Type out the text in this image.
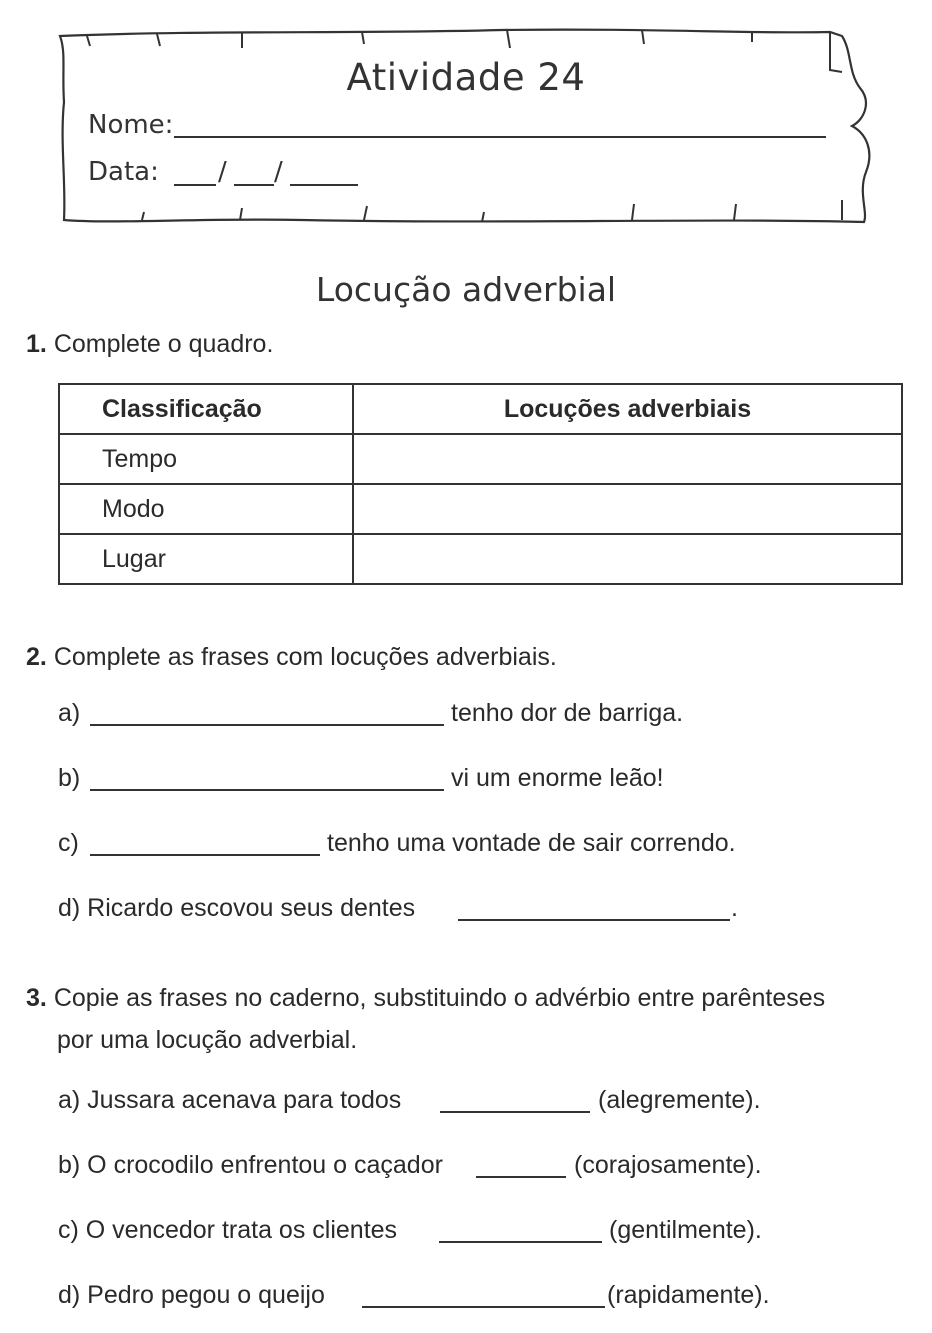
Atividade 24
Nome:
Data: / /
Locução adverbial
1. Complete o quadro.
Classificação	Locuções adverbiais
Tempo	
Modo	
Lugar	
2. Complete as frases com locuções adverbiais.
a)	tenho dor de barriga.
b)	vi um enorme leão!
c)	tenho uma vontade de sair correndo.
d) Ricardo escovou seus dentes	.
3. Copie as frases no caderno, substituindo o advérbio entre parênteses
por uma locução adverbial.
a) Jussara acenava para todos	(alegremente).
b) O crocodilo enfrentou o caçador	(corajosamente).
c) O vencedor trata os clientes	(gentilmente).
d) Pedro pegou o queijo	(rapidamente).
